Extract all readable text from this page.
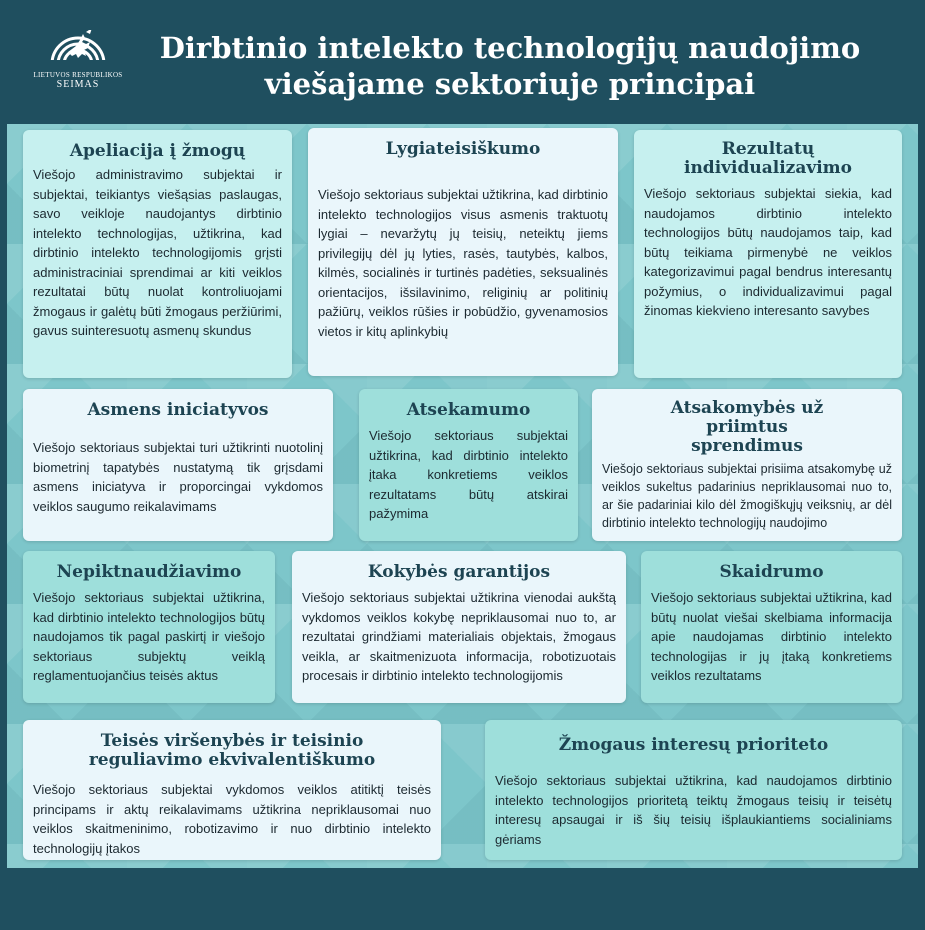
LIETUVOS RESPUBLIKOS
SEIMAS
Dirbtinio intelekto technologijų naudojimo viešajame sektoriuje principai
Apeliacija į žmogų

Viešojo administravimo subjektai ir subjektai, teikiantys viešąsias paslaugas, savo veikloje naudojantys dirbtinio intelekto technologijas, užtikrina, kad dirbtinio intelekto technologijomis grįsti administraciniai sprendimai ar kiti veiklos rezultatai būtų nuolat kontroliuojami žmogaus ir galėtų būti žmogaus peržiūrimi, gavus suinteresuotų asmenų skundus

Lygiateisiškumo

Viešojo sektoriaus subjektai užtikrina, kad dirbtinio intelekto technologijos visus asmenis traktuotų lygiai – nevaržytų jų teisių, neteiktų jiems privilegijų dėl jų lyties, rasės, tautybės, kalbos, kilmės, socialinės ir turtinės padėties, seksualinės orientacijos, išsilavinimo, religinių ar politinių pažiūrų, veiklos rūšies ir pobūdžio, gyvenamosios vietos ir kitų aplinkybių

Rezultatų individualizavimo

Viešojo sektoriaus subjektai siekia, kad naudojamos dirbtinio intelekto technologijos būtų naudojamos taip, kad būtų teikiama pirmenybė ne veiklos kategorizavimui pagal bendrus interesantų požymius, o individualizavimui pagal žinomas kiekvieno interesanto savybes

Asmens iniciatyvos

Viešojo sektoriaus subjektai turi užtikrinti nuotolinį biometrinį tapatybės nustatymą tik grįsdami asmens iniciatyva ir proporcingai vykdomos veiklos saugumo reikalavimams

Atsekamumo

Viešojo sektoriaus subjektai užtikrina, kad dirbtinio intelekto įtaka konkretiems veiklos rezultatams būtų atskirai pažymima

Atsakomybės už priimtus sprendimus

Viešojo sektoriaus subjektai prisiima atsakomybę už veiklos sukeltus padarinius nepriklausomai nuo to, ar šie padariniai kilo dėl žmogiškųjų veiksnių, ar dėl dirbtinio intelekto technologijų naudojimo

Nepiktnaudžiavimo

Viešojo sektoriaus subjektai užtikrina, kad dirbtinio intelekto technologijos būtų naudojamos tik pagal paskirtį ir viešojo sektoriaus subjektų veiklą reglamentuojančius teisės aktus

Kokybės garantijos

Viešojo sektoriaus subjektai užtikrina vienodai aukštą vykdomos veiklos kokybę nepriklausomai nuo to, ar rezultatai grindžiami materialiais objektais, žmogaus veikla, ar skaitmenizuota informacija, robotizuotais procesais ir dirbtinio intelekto technologijomis

Skaidrumo

Viešojo sektoriaus subjektai užtikrina, kad būtų nuolat viešai skelbiama informacija apie naudojamas dirbtinio intelekto technologijas ir jų įtaką konkretiems veiklos rezultatams

Teisės viršenybės ir teisinio reguliavimo ekvivalentiškumo

Viešojo sektoriaus subjektai vykdomos veiklos atitiktį teisės principams ir aktų reikalavimams užtikrina nepriklausomai nuo veiklos skaitmeninimo, robotizavimo ir nuo dirbtinio intelekto technologijų įtakos

Žmogaus interesų prioriteto

Viešojo sektoriaus subjektai užtikrina, kad naudojamos dirbtinio intelekto technologijos prioritetą teiktų žmogaus teisių ir teisėtų interesų apsaugai ir iš šių teisių išplaukiantiems socialiniams gėriams
